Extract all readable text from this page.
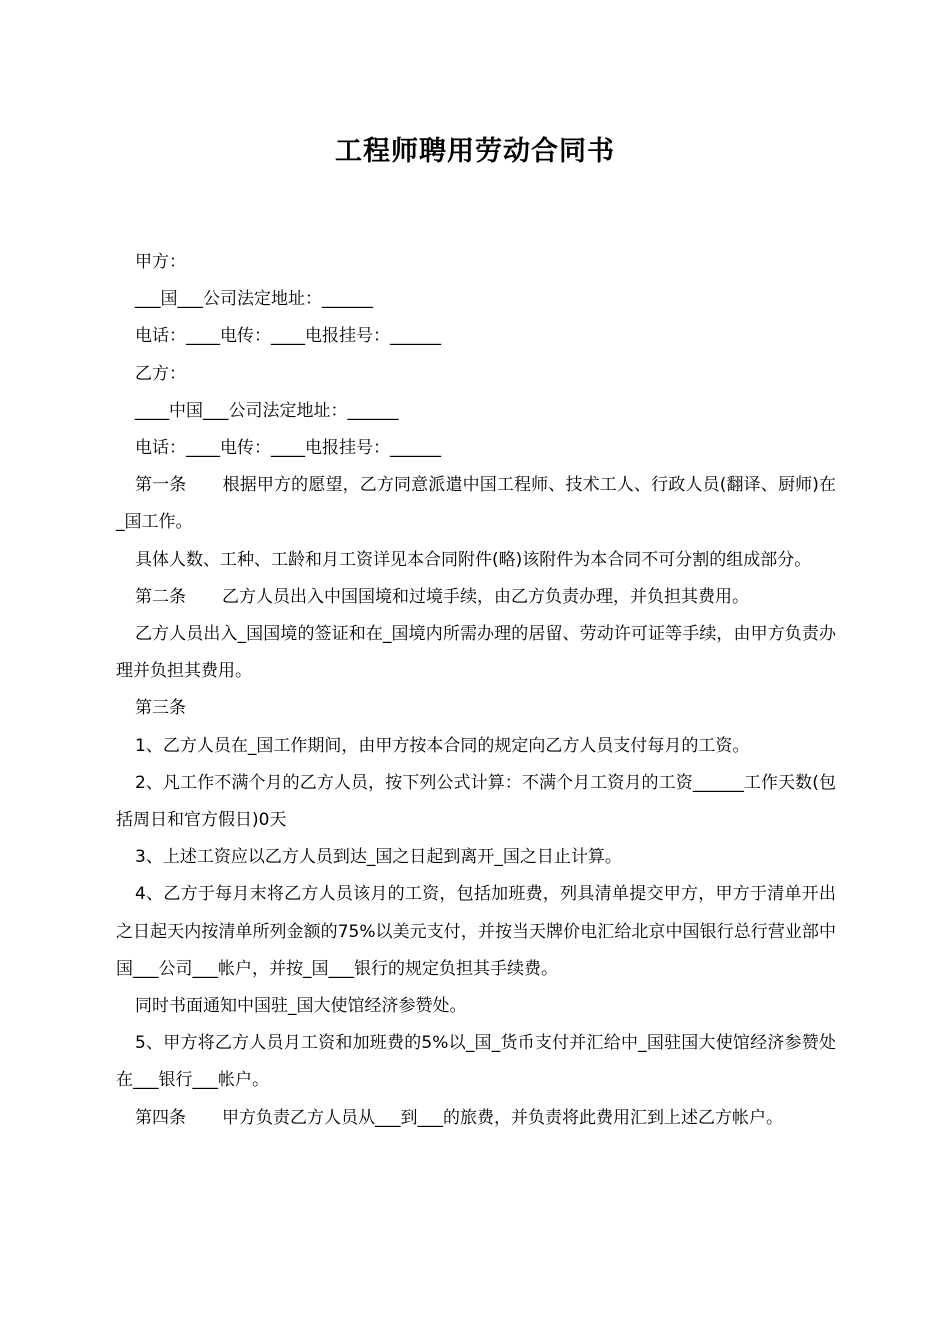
工程师聘用劳动合同书

甲方：

___国___公司法定地址：______

电话：____电传：____电报挂号：______

乙方：

____中国___公司法定地址：______

电话：____电传：____电报挂号：______

第一条 根据甲方的愿望，乙方同意派遣中国工程师、技术工人、行政人员(翻译、厨师)在_国工作。

具体人数、工种、工龄和月工资详见本合同附件(略)该附件为本合同不可分割的组成部分。

第二条 乙方人员出入中国国境和过境手续，由乙方负责办理，并负担其费用。

乙方人员出入_国国境的签证和在_国境内所需办理的居留、劳动许可证等手续，由甲方负责办理并负担其费用。

第三条

1、乙方人员在_国工作期间，由甲方按本合同的规定向乙方人员支付每月的工资。

2、凡工作不满个月的乙方人员，按下列公式计算：不满个月工资月的工资______工作天数(包括周日和官方假日)0天

3、上述工资应以乙方人员到达_国之日起到离开_国之日止计算。

4、乙方于每月末将乙方人员该月的工资，包括加班费，列具清单提交甲方，甲方于清单开出之日起天内按清单所列金额的75%以美元支付，并按当天牌价电汇给北京中国银行总行营业部中国___公司___帐户，并按_国___银行的规定负担其手续费。

同时书面通知中国驻_国大使馆经济参赞处。

5、甲方将乙方人员月工资和加班费的5%以_国_货币支付并汇给中_国驻国大使馆经济参赞处在___银行___帐户。

第四条 甲方负责乙方人员从___到___的旅费，并负责将此费用汇到上述乙方帐户。
